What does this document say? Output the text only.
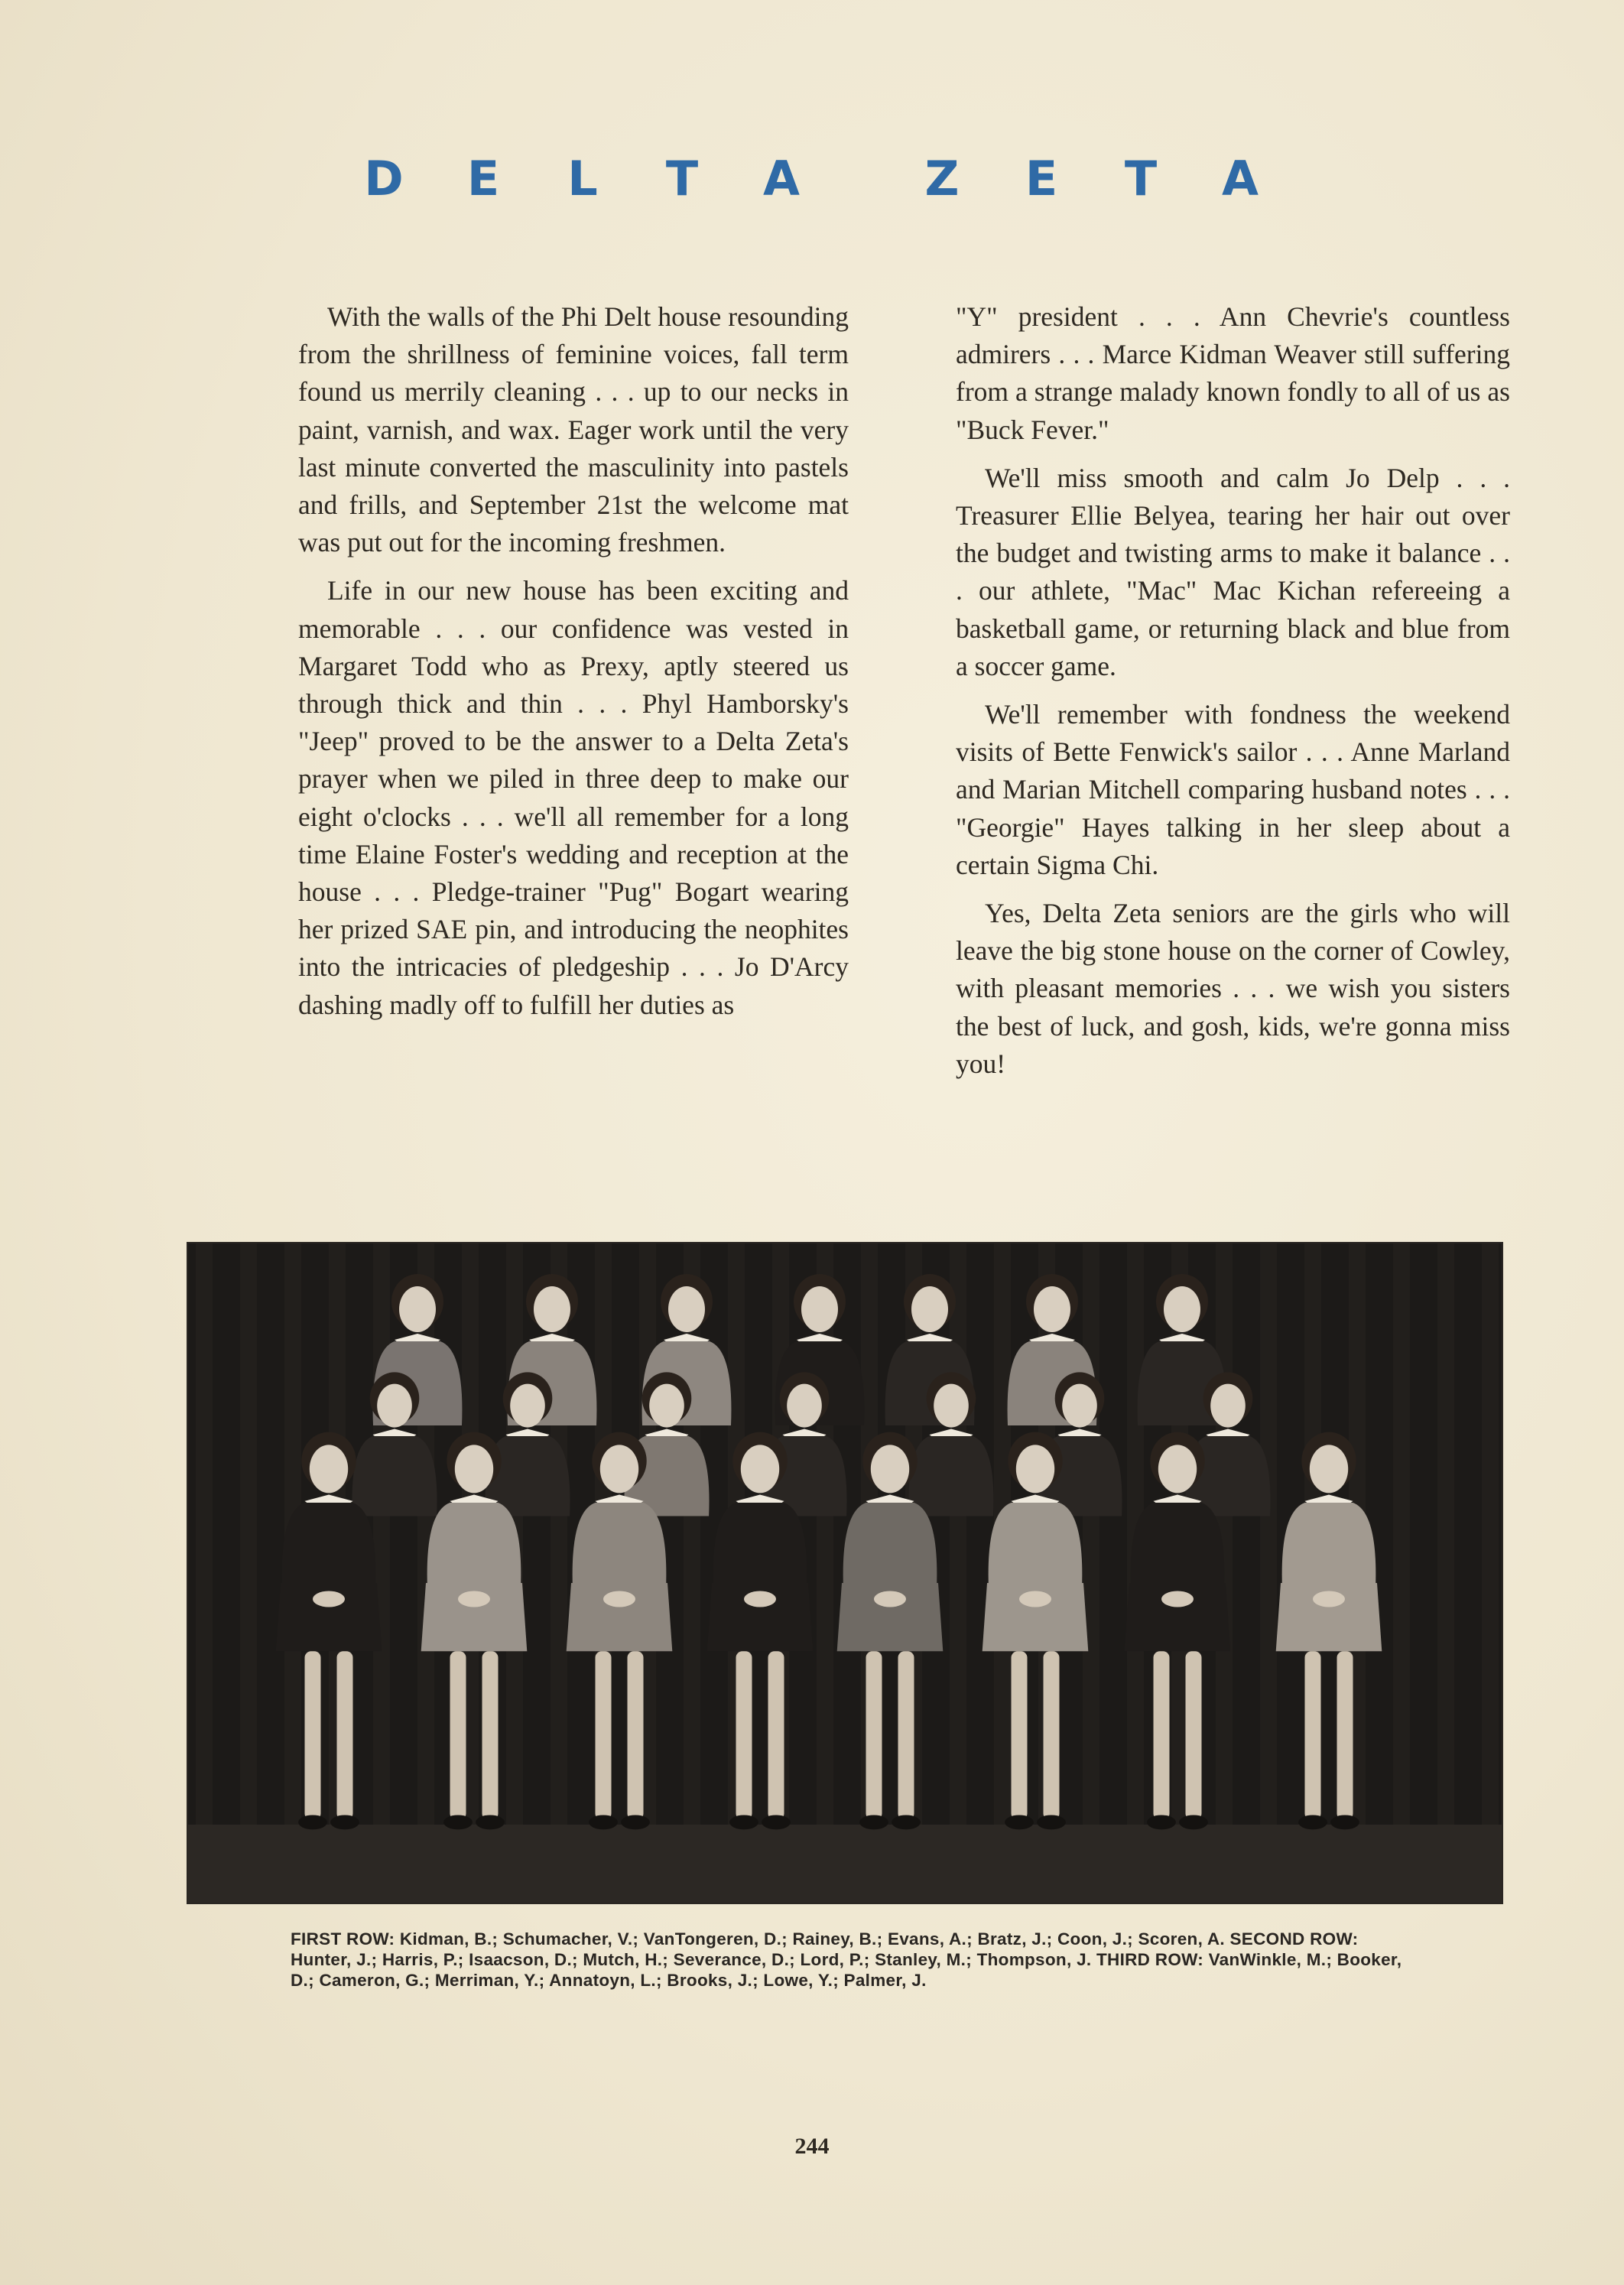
D	E	L	T	A	Z	E	T	A

With the walls of the Phi Delt house resounding from the shrillness of feminine voices, fall term found us merrily cleaning . . . up to our necks in paint, varnish, and wax. Eager work until the very last minute converted the masculinity into pastels and frills, and September 21st the welcome mat was put out for the incoming freshmen.

Life in our new house has been exciting and memorable . . . our confidence was vested in Margaret Todd who as Prexy, aptly steered us through thick and thin . . . Phyl Hamborsky's "Jeep" proved to be the answer to a Delta Zeta's prayer when we piled in three deep to make our eight o'clocks . . . we'll all remember for a long time Elaine Foster's wedding and reception at the house . . . Pledge-trainer "Pug" Bogart wearing her prized SAE pin, and introducing the neophites into the intricacies of pledgeship . . . Jo D'Arcy dashing madly off to fulfill her duties as

"Y" president . . . Ann Chevrie's countless admirers . . . Marce Kidman Weaver still suffering from a strange malady known fondly to all of us as "Buck Fever."

We'll miss smooth and calm Jo Delp . . . Treasurer Ellie Belyea, tearing her hair out over the budget and twisting arms to make it balance . . . our athlete, "Mac" Mac Kichan refereeing a basketball game, or returning black and blue from a soccer game.

We'll remember with fondness the weekend visits of Bette Fenwick's sailor . . . Anne Marland and Marian Mitchell comparing husband notes . . . "Georgie" Hayes talking in her sleep about a certain Sigma Chi.

Yes, Delta Zeta seniors are the girls who will leave the big stone house on the corner of Cowley, with pleasant memories . . . we wish you sisters the best of luck, and gosh, kids, we're gonna miss you!

FIRST ROW: Kidman, B.; Schumacher, V.; VanTongeren, D.; Rainey, B.; Evans, A.; Bratz, J.; Coon, J.; Scoren, A. SECOND ROW: Hunter, J.; Harris, P.; Isaacson, D.; Mutch, H.; Severance, D.; Lord, P.; Stanley, M.; Thompson, J. THIRD ROW: VanWinkle, M.; Booker, D.; Cameron, G.; Merriman, Y.; Annatoyn, L.; Brooks, J.; Lowe, Y.; Palmer, J.
244
